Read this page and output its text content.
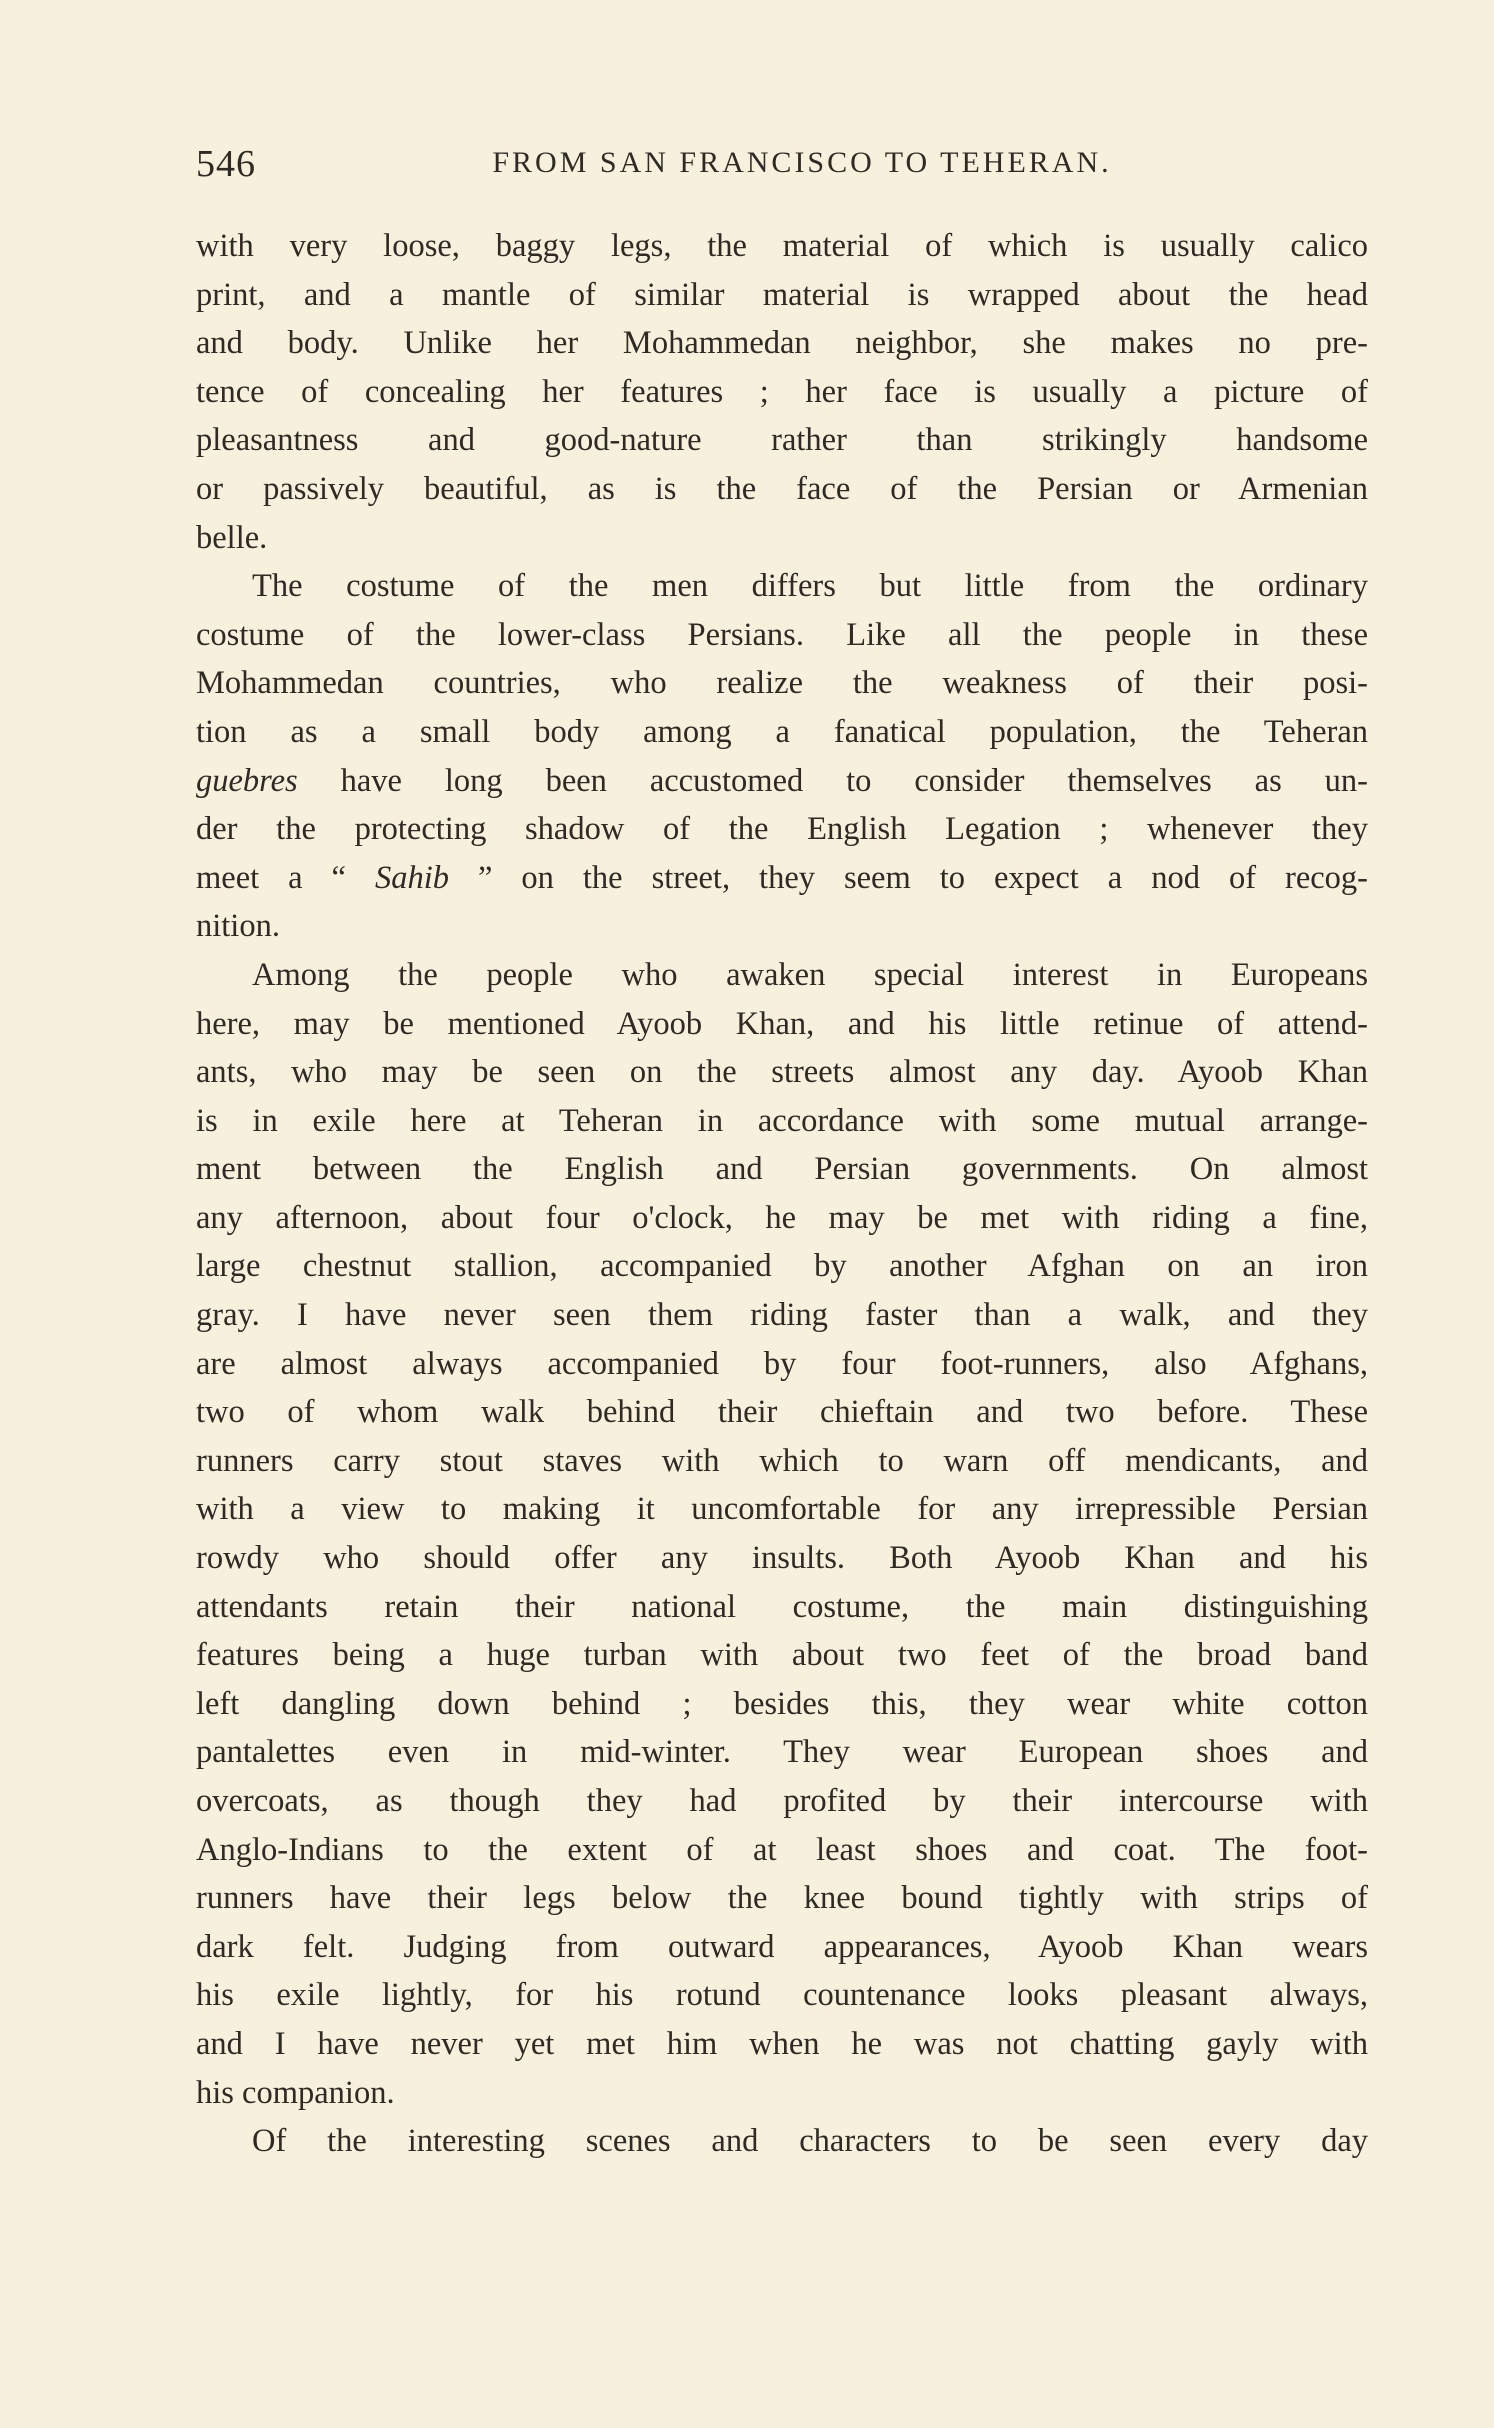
546	FROM SAN FRANCISCO TO TEHERAN.
with very loose, baggy legs, the material of which is usually calico
print, and a mantle of similar material is wrapped about the head
and body. Unlike her Mohammedan neighbor, she makes no pre-
tence of concealing her features ; her face is usually a picture of
pleasantness and good-nature rather than strikingly handsome
or passively beautiful, as is the face of the Persian or Armenian
belle.
The costume of the men differs but little from the ordinary
costume of the lower-class Persians. Like all the people in these
Mohammedan countries, who realize the weakness of their posi-
tion as a small body among a fanatical population, the Teheran
guebres have long been accustomed to consider themselves as un-
der the protecting shadow of the English Legation ; whenever they
meet a “ Sahib ” on the street, they seem to expect a nod of recog-
nition.
Among the people who awaken special interest in Europeans
here, may be mentioned Ayoob Khan, and his little retinue of attend-
ants, who may be seen on the streets almost any day. Ayoob Khan
is in exile here at Teheran in accordance with some mutual arrange-
ment between the English and Persian governments. On almost
any afternoon, about four o'clock, he may be met with riding a fine,
large chestnut stallion, accompanied by another Afghan on an iron
gray. I have never seen them riding faster than a walk, and they
are almost always accompanied by four foot-runners, also Afghans,
two of whom walk behind their chieftain and two before. These
runners carry stout staves with which to warn off mendicants, and
with a view to making it uncomfortable for any irrepressible Persian
rowdy who should offer any insults. Both Ayoob Khan and his
attendants retain their national costume, the main distinguishing
features being a huge turban with about two feet of the broad band
left dangling down behind ; besides this, they wear white cotton
pantalettes even in mid-winter. They wear European shoes and
overcoats, as though they had profited by their intercourse with
Anglo-Indians to the extent of at least shoes and coat. The foot-
runners have their legs below the knee bound tightly with strips of
dark felt. Judging from outward appearances, Ayoob Khan wears
his exile lightly, for his rotund countenance looks pleasant always,
and I have never yet met him when he was not chatting gayly with
his companion.
Of the interesting scenes and characters to be seen every day
